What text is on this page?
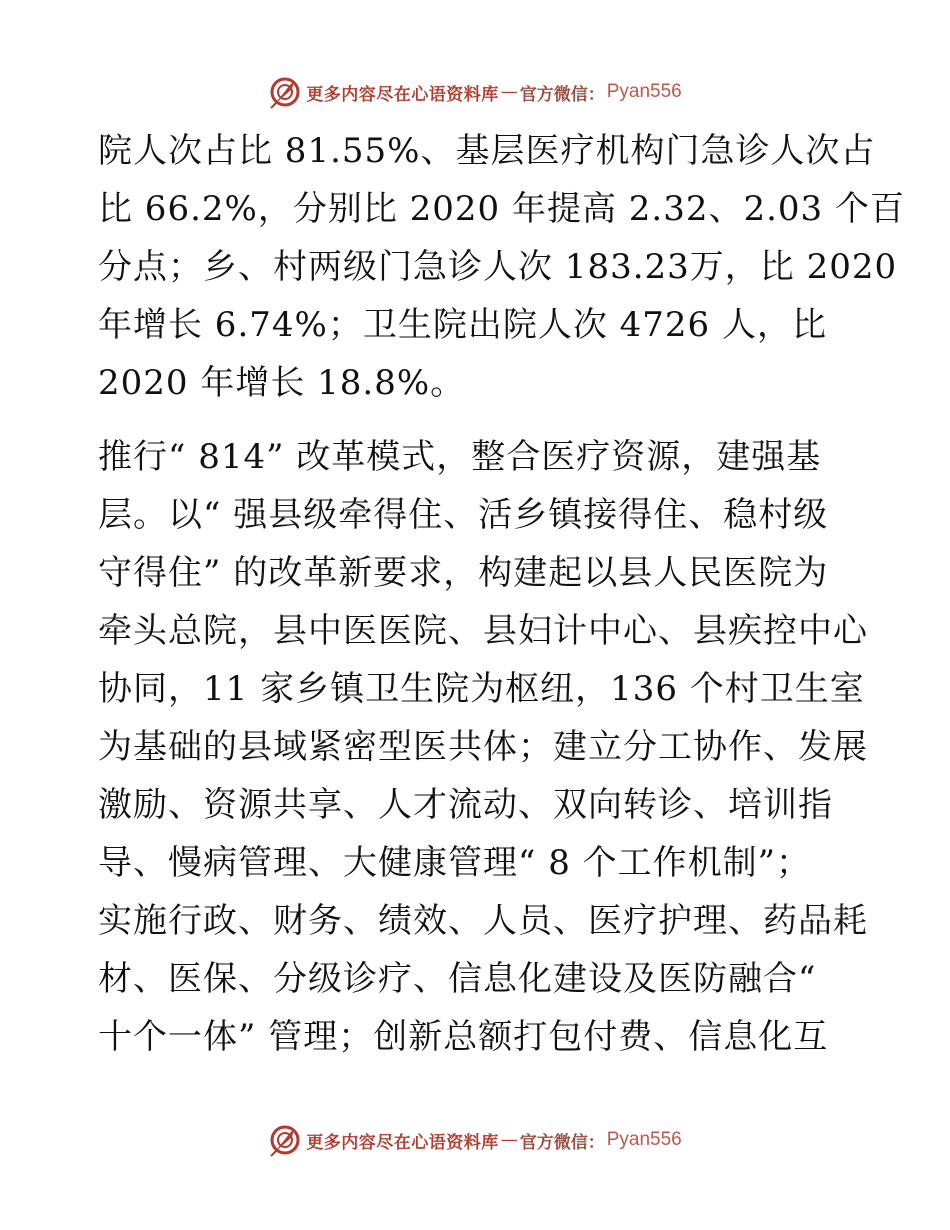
更多内容尽在心语资料库 — 官方微信： Pyan556
院人次占比 81.55%、基层医疗机构门急诊人次占
比 66.2%，分别比 2020 年提高 2.32、2.03 个百
分点；乡、村两级门急诊人次 183.23万，比 2020
年增长 6.74%；卫生院出院人次 4726 人，比
2020 年增长 18.8%。
推行“ 814” 改革模式，整合医疗资源，建强基
层。以“ 强县级牵得住、活乡镇接得住、稳村级
守得住” 的改革新要求，构建起以县人民医院为
牵头总院，县中医医院、县妇计中心、县疾控中心
协同，11 家乡镇卫生院为枢纽，136 个村卫生室
为基础的县域紧密型医共体；建立分工协作、发展
激励、资源共享、人才流动、双向转诊、培训指
导、慢病管理、大健康管理“ 8 个工作机制”；
实施行政、财务、绩效、人员、医疗护理、药品耗
材、医保、分级诊疗、信息化建设及医防融合“
十个一体” 管理；创新总额打包付费、信息化互
更多内容尽在心语资料库 — 官方微信： Pyan556
